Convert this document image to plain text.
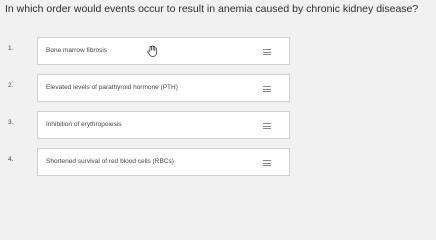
In which order would events occur to result in anemia caused by chronic kidney disease?
1.	Bone marrow fibrosis
2.	Elevated levels of parathyroid hormone (PTH)
3.	Inhibition of erythropoiesis
4.	Shortened survival of red blood cells (RBCs)
